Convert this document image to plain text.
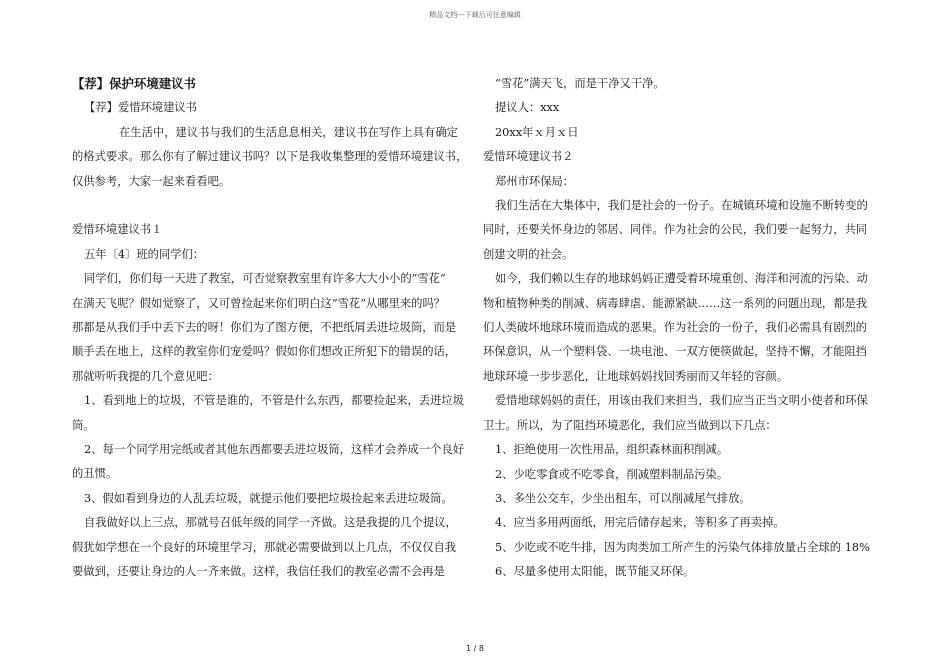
精品文档---下载后可任意编辑
【荐】保护环境建议书
【荐】爱惜环境建议书
在生活中，建议书与我们的生活息息相关，建议书在写作上具有确定
的格式要求。那么你有了解过建议书吗？以下是我收集整理的爱惜环境建议书，
仅供参考，大家一起来看看吧。
爱惜环境建议书１
五年〔4〕班的同学们：
同学们，你们每一天进了教室，可否觉察教室里有许多大大小小的”雪花”
在满天飞呢？假如觉察了，又可曾捡起来你们明白这”雪花”从哪里来的吗？
那都是从我们手中丢下去的呀！你们为了图方便，不把纸屑丢进垃圾筒，而是
顺手丢在地上，这样的教室你们宠爱吗？假如你们想改正所犯下的错误的话，
那就听听我提的几个意见吧：
1、看到地上的垃圾，不管是谁的，不管是什么东西，都要捡起来，丢进垃圾
筒。
2、每一个同学用完纸或者其他东西都要丢进垃圾筒，这样才会养成一个良好
的丑惯。
3、假如看到身边的人乱丢垃圾，就提示他们要把垃圾捡起来丢进垃圾筒。
自我做好以上三点，那就号召低年级的同学一齐做。这是我提的几个提议，
假犹如学想在一个良好的环境里学习，那就必需要做到以上几点，不仅仅自我
要做到，还要让身边的人一齐来做。这样，我信任我们的教室必需不会再是
“雪花”满天飞，而是干净又干净。
提议人：xxx
20xx年ｘ月ｘ日
爱惜环境建议书２
郑州市环保局：
我们生活在大集体中，我们是社会的一份子。在城镇环境和设施不断转变的
同时，还要关怀身边的邻居、同伴。作为社会的公民，我们要一起努力，共同
创建文明的社会。
如今，我们赖以生存的地球妈妈正遭受着环境重创、海洋和河流的污染、动
物和植物种类的削减、病毒肆虐、能源紧缺……这一系列的问题出现，都是我
们人类破坏地球环境而造成的恶果。作为社会的一份子，我们必需具有剧烈的
环保意识，从一个塑料袋、一块电池、一双方便筷做起，坚持不懈，才能阻挡
地球环境一步步恶化，让地球妈妈找回秀丽而又年轻的容颜。
爱惜地球妈妈的责任，用该由我们来担当，我们应当正当文明小使者和环保
卫士。所以，为了阻挡环境恶化，我们应当做到以下几点：
1、拒绝使用一次性用品，组织森林面积削减。
2、少吃零食或不吃零食，削减塑料制品污染。
3、多坐公交车，少坐出租车，可以削减尾气排放。
4、应当多用两面纸，用完后储存起来，等积多了再卖掉。
5、少吃或不吃牛排，因为肉类加工所产生的污染气体排放量占全球的 18%
6、尽量多使用太阳能，既节能又环保。
1 / 8
